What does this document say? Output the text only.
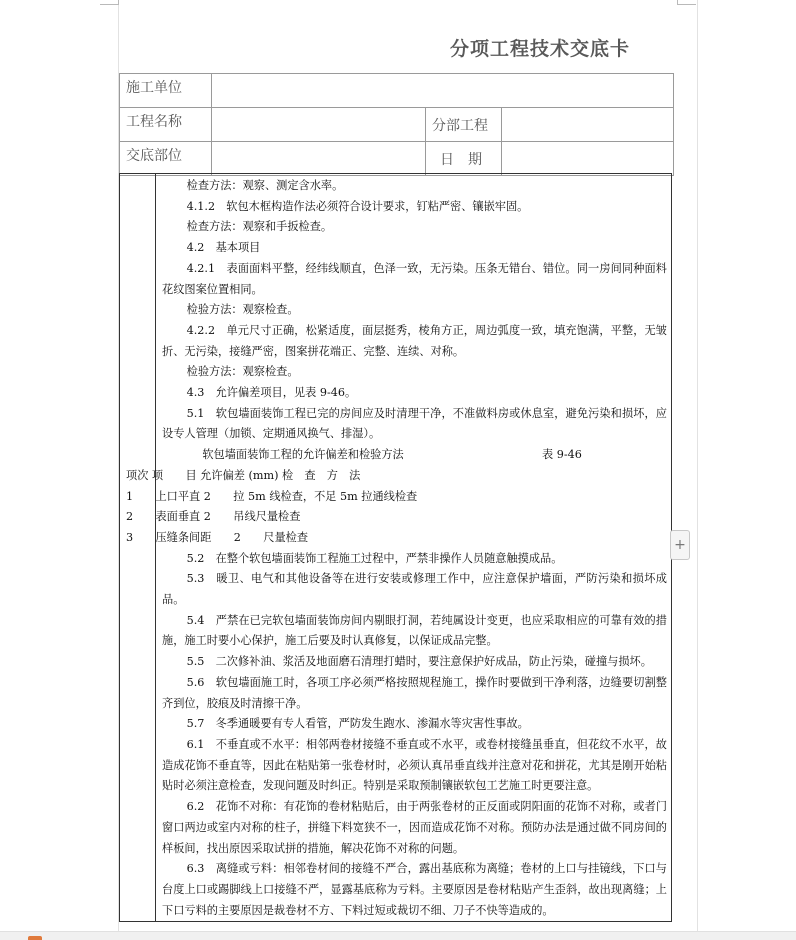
分项工程技术交底卡
施工单位			
工程名称		分部工程	
交底部位		日　期	

检查方法：观察、测定含水率。

4.1.2　软包木框构造作法必须符合设计要求，钉粘严密、镶嵌牢固。

检查方法：观察和手扳检查。

4.2　基本项目

4.2.1　表面面料平整，经纬线顺直，色泽一致，无污染。压条无错台、错位。同一房间同种面料花纹图案位置相同。

检验方法：观察检查。

4.2.2　单元尺寸正确，松紧适度，面层挺秀，棱角方正，周边弧度一致，填充饱满，平整，无皱折、无污染，接缝严密，图案拼花端正、完整、连续、对称。

检验方法：观察检查。

4.3　允许偏差项目，见表 9-46。

5.1　软包墙面装饰工程已完的房间应及时清理干净，不准做料房或休息室，避免污染和损坏，应设专人管理（加锁、定期通风换气、排湿）。

软包墙面装饰工程的允许偏差和检验方法	表 9-46

项次 项　　目 允许偏差 (mm) 检　查　方　法

1　　上口平直 2　　拉 5m 线检查，不足 5m 拉通线检查

2　　表面垂直 2　　吊线尺量检查

3　　压缝条间距　　2　　尺量检查

5.2　在整个软包墙面装饰工程施工过程中，严禁非操作人员随意触摸成品。

5.3　暖卫、电气和其他设备等在进行安装或修理工作中，应注意保护墙面，严防污染和损坏成品。

5.4　严禁在已完软包墙面装饰房间内剔眼打洞，若纯属设计变更，也应采取相应的可靠有效的措施，施工时要小心保护，施工后要及时认真修复，以保证成品完整。

5.5　二次修补油、浆活及地面磨石清理打蜡时，要注意保护好成品，防止污染，碰撞与损坏。

5.6　软包墙面施工时，各项工序必须严格按照规程施工，操作时要做到干净利落，边缝要切割整齐到位，胶痕及时清擦干净。

5.7　冬季通暖要有专人看管，严防发生跑水、渗漏水等灾害性事故。

6.1　不垂直或不水平：相邻两卷材接缝不垂直或不水平，或卷材接缝虽垂直，但花纹不水平，故造成花饰不垂直等，因此在粘贴第一张卷材时，必须认真吊垂直线并注意对花和拼花，尤其是刚开始粘贴时必须注意检查，发现问题及时纠正。特别是采取预制镶嵌软包工艺施工时更要注意。

6.2　花饰不对称：有花饰的卷材粘贴后，由于两张卷材的正反面或阴阳面的花饰不对称，或者门窗口两边或室内对称的柱子，拼缝下料宽狭不一，因而造成花饰不对称。预防办法是通过做不同房间的样板间，找出原因采取试拼的措施，解决花饰不对称的问题。

6.3　离缝或亏料：相邻卷材间的接缝不严合，露出基底称为离缝；卷材的上口与挂镜线，下口与台度上口或踢脚线上口接缝不严，显露基底称为亏料。主要原因是卷材粘贴产生歪斜，故出现离缝；上下口亏料的主要原因是裁卷材不方、下料过短或裁切不细、刀子不快等造成的。

+
